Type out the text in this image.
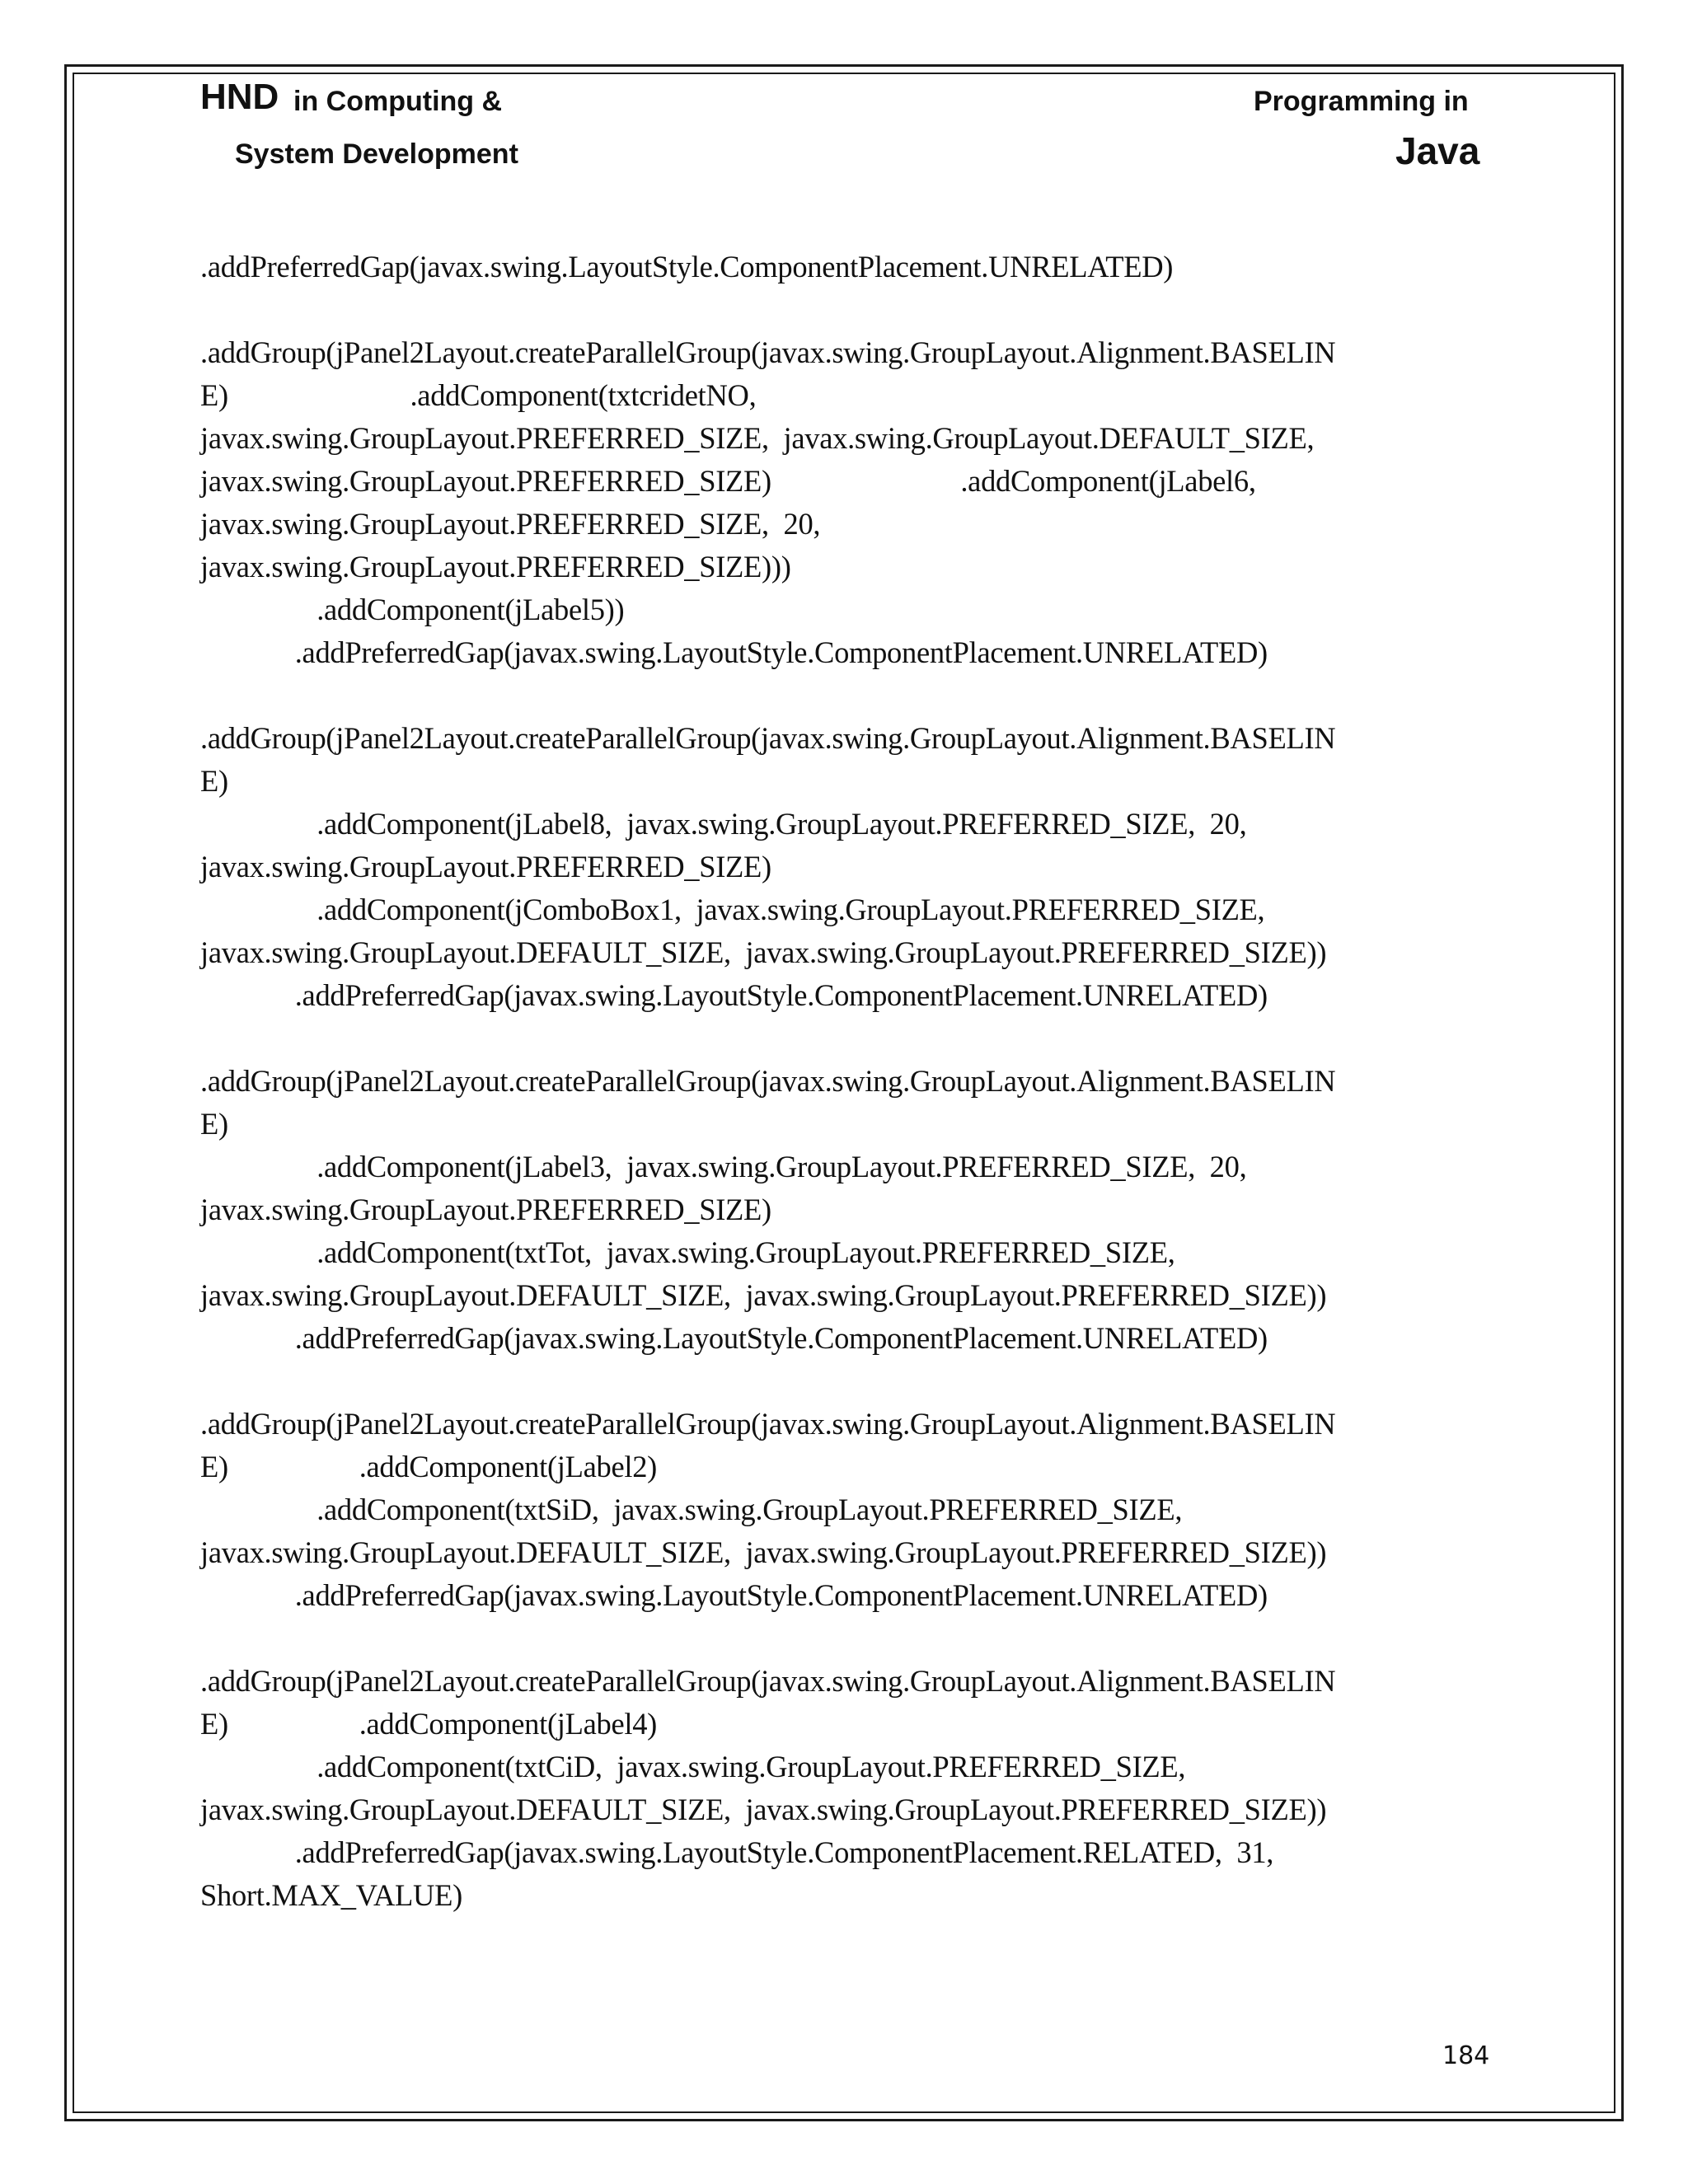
HND in Computing &
System Development
Programming in
Java
.addPreferredGap(javax.swing.LayoutStyle.ComponentPlacement.UNRELATED)
.addGroup(jPanel2Layout.createParallelGroup(javax.swing.GroupLayout.Alignment.BASELIN
E)                         .addComponent(txtcridetNO,
javax.swing.GroupLayout.PREFERRED_SIZE,  javax.swing.GroupLayout.DEFAULT_SIZE,
javax.swing.GroupLayout.PREFERRED_SIZE)                          .addComponent(jLabel6,
javax.swing.GroupLayout.PREFERRED_SIZE,  20,
javax.swing.GroupLayout.PREFERRED_SIZE)))
.addComponent(jLabel5))
.addPreferredGap(javax.swing.LayoutStyle.ComponentPlacement.UNRELATED)
.addGroup(jPanel2Layout.createParallelGroup(javax.swing.GroupLayout.Alignment.BASELIN
E)
.addComponent(jLabel8,  javax.swing.GroupLayout.PREFERRED_SIZE,  20,
javax.swing.GroupLayout.PREFERRED_SIZE)
.addComponent(jComboBox1,  javax.swing.GroupLayout.PREFERRED_SIZE,
javax.swing.GroupLayout.DEFAULT_SIZE,  javax.swing.GroupLayout.PREFERRED_SIZE))
.addPreferredGap(javax.swing.LayoutStyle.ComponentPlacement.UNRELATED)
.addGroup(jPanel2Layout.createParallelGroup(javax.swing.GroupLayout.Alignment.BASELIN
E)
.addComponent(jLabel3,  javax.swing.GroupLayout.PREFERRED_SIZE,  20,
javax.swing.GroupLayout.PREFERRED_SIZE)
.addComponent(txtTot,  javax.swing.GroupLayout.PREFERRED_SIZE,
javax.swing.GroupLayout.DEFAULT_SIZE,  javax.swing.GroupLayout.PREFERRED_SIZE))
.addPreferredGap(javax.swing.LayoutStyle.ComponentPlacement.UNRELATED)
.addGroup(jPanel2Layout.createParallelGroup(javax.swing.GroupLayout.Alignment.BASELIN
E)                  .addComponent(jLabel2)
.addComponent(txtSiD,  javax.swing.GroupLayout.PREFERRED_SIZE,
javax.swing.GroupLayout.DEFAULT_SIZE,  javax.swing.GroupLayout.PREFERRED_SIZE))
.addPreferredGap(javax.swing.LayoutStyle.ComponentPlacement.UNRELATED)
.addGroup(jPanel2Layout.createParallelGroup(javax.swing.GroupLayout.Alignment.BASELIN
E)                  .addComponent(jLabel4)
.addComponent(txtCiD,  javax.swing.GroupLayout.PREFERRED_SIZE,
javax.swing.GroupLayout.DEFAULT_SIZE,  javax.swing.GroupLayout.PREFERRED_SIZE))
.addPreferredGap(javax.swing.LayoutStyle.ComponentPlacement.RELATED,  31,
Short.MAX_VALUE)
184
